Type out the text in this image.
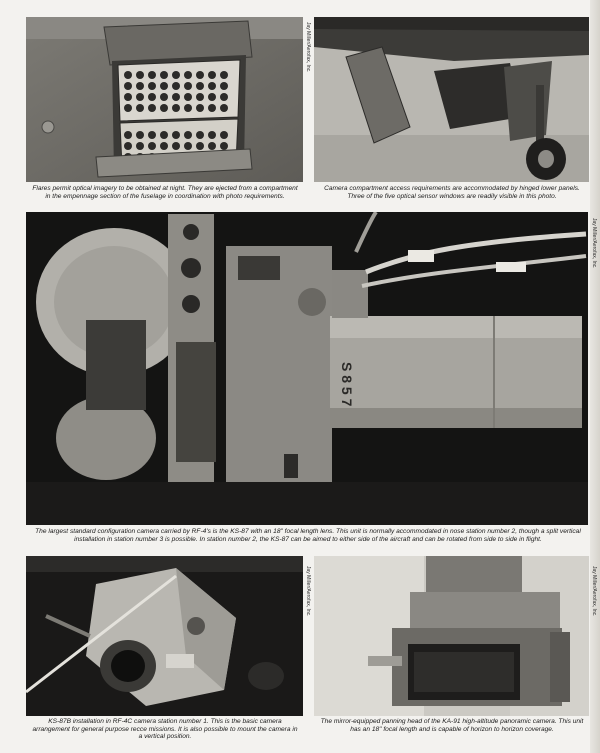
Jay Miller/Aerofax, Inc.
Flares permit optical imagery to be obtained at night. They are ejected from a compartment in the empennage section of the fuselage in coordination with photo requirements.
Camera compartment access requirements are accommodated by hinged lower panels. Three of the five optical sensor windows are readily visible in this photo.
S 8 5 7
Jay Miller/Aerofax, Inc.
The largest standard configuration camera carried by RF-4's is the KS-87 with an 18" focal length lens. This unit is normally accommodated in nose station number 2, though a split vertical installation in station number 3 is possible. In station number 2, the KS-87 can be aimed to either side of the aircraft and can be rotated from side to side in flight.
Jay Miller/Aerofax, Inc.	Jay Miller/Aerofax, Inc.
KS-87B installation in RF-4C camera station number 1. This is the basic camera arrangement for general purpose recce missions. It is also possible to mount the camera in a vertical position.
The mirror-equipped panning head of the KA-91 high-altitude panoramic camera. This unit has an 18" focal length and is capable of horizon to horizon coverage.
